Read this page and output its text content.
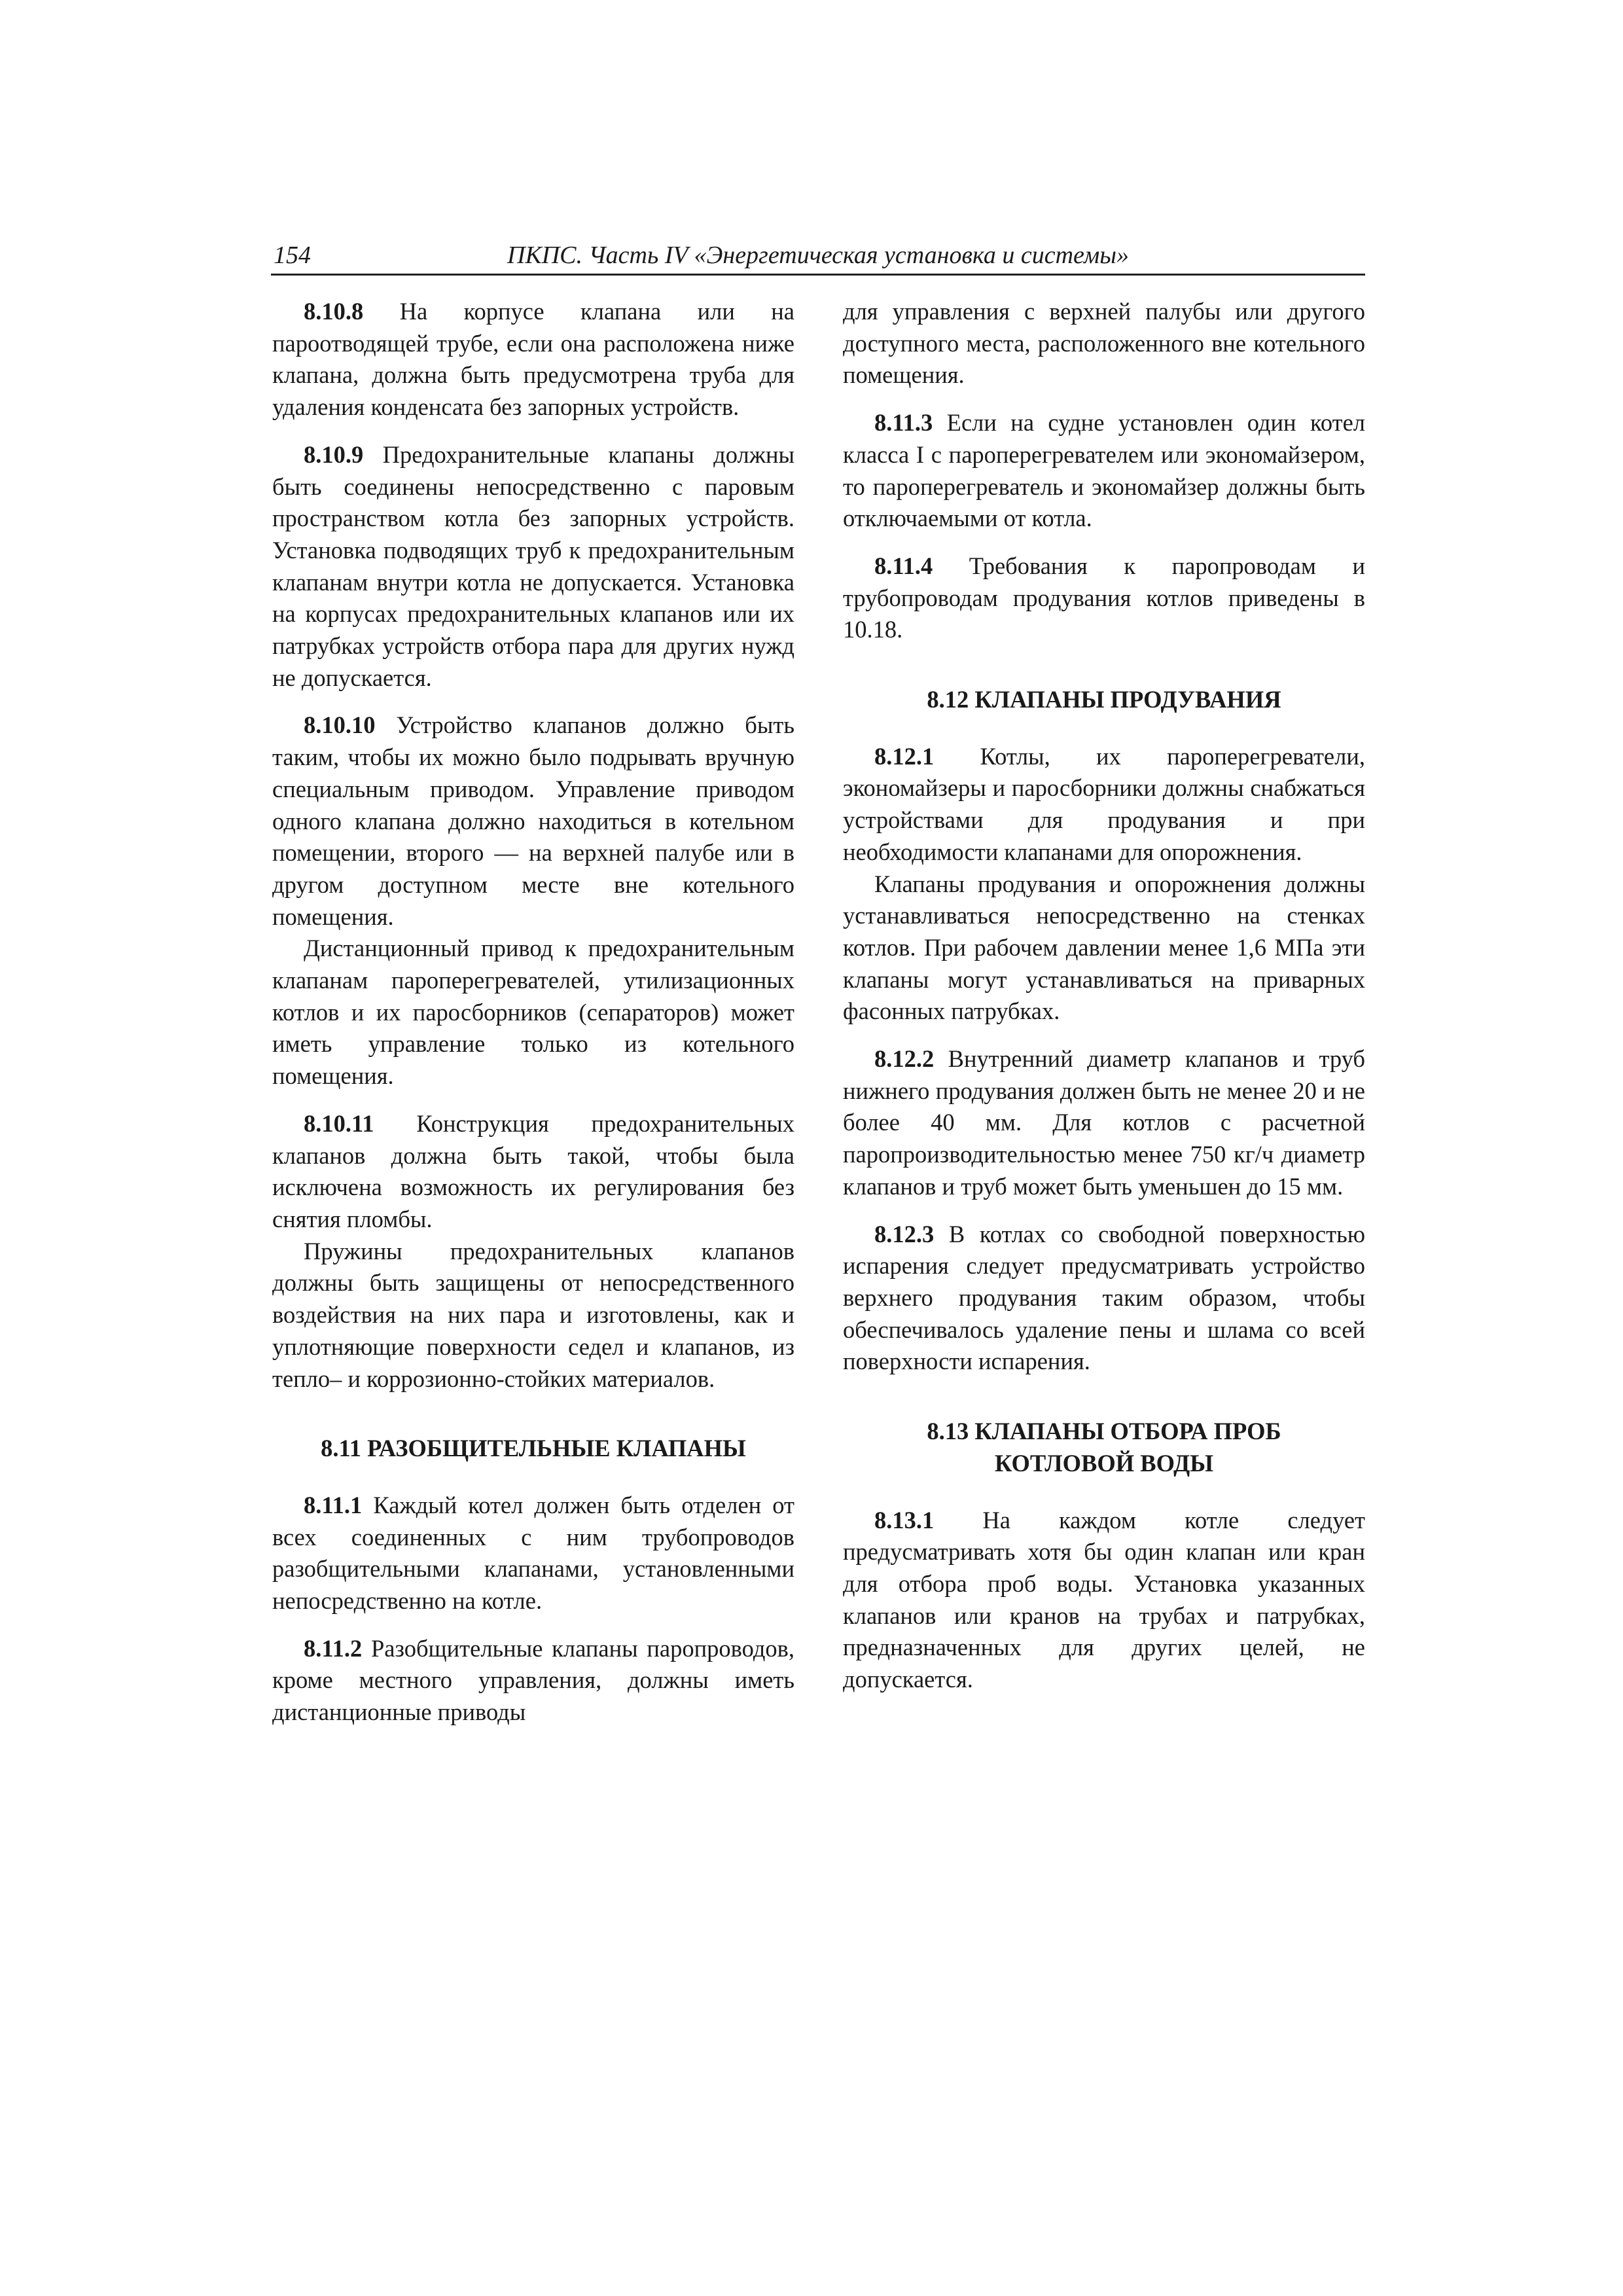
154	ПКПС. Часть IV «Энергетическая установка и системы»

8.10.8 На корпусе клапана или на пароотводящей трубе, если она расположена ниже клапана, должна быть предусмотрена труба для удаления конденсата без запорных устройств.

8.10.9 Предохранительные клапаны должны быть соединены непосредственно с паровым пространством котла без запорных устройств. Установка подводящих труб к предохранительным клапанам внутри котла не допускается. Установка на корпусах предохранительных клапанов или их патрубках устройств отбора пара для других нужд не допускается.

8.10.10 Устройство клапанов должно быть таким, чтобы их можно было подрывать вручную специальным приводом. Управление приводом одного клапана должно находиться в котельном помещении, второго — на верхней палубе или в другом доступном месте вне котельного помещения.

Дистанционный привод к предохранительным клапанам пароперегревателей, утилизационных котлов и их паросборников (сепараторов) может иметь управление только из котельного помещения.

8.10.11 Конструкция предохранительных клапанов должна быть такой, чтобы была исключена возможность их регулирования без снятия пломбы.

Пружины предохранительных клапанов должны быть защищены от непосредственного воздействия на них пара и изготовлены, как и уплотняющие поверхности седел и клапанов, из тепло– и коррозионно-стойких материалов.

8.11 РАЗОБЩИТЕЛЬНЫЕ КЛАПАНЫ

8.11.1 Каждый котел должен быть отделен от всех соединенных с ним трубопроводов разобщительными клапанами, установленными непосредственно на котле.

8.11.2 Разобщительные клапаны паропроводов, кроме местного управления, должны иметь дистанционные приводы

для управления с верхней палубы или другого доступного места, расположенного вне котельного помещения.

8.11.3 Если на судне установлен один котел класса I с пароперегревателем или экономайзером, то пароперегреватель и экономайзер должны быть отключаемыми от котла.

8.11.4 Требования к паропроводам и трубопроводам продувания котлов приведены в 10.18.

8.12 КЛАПАНЫ ПРОДУВАНИЯ

8.12.1 Котлы, их пароперегреватели, экономайзеры и паросборники должны снабжаться устройствами для продувания и при необходимости клапанами для опорожнения.

Клапаны продувания и опорожнения должны устанавливаться непосредственно на стенках котлов. При рабочем давлении менее 1,6 МПа эти клапаны могут устанавливаться на приварных фасонных патрубках.

8.12.2 Внутренний диаметр клапанов и труб нижнего продувания должен быть не менее 20 и не более 40 мм. Для котлов с расчетной паропроизводительностью менее 750 кг/ч диаметр клапанов и труб может быть уменьшен до 15 мм.

8.12.3 В котлах со свободной поверхностью испарения следует предусматривать устройство верхнего продувания таким образом, чтобы обеспечивалось удаление пены и шлама со всей поверхности испарения.

8.13 КЛАПАНЫ ОТБОРА ПРОБ
КОТЛОВОЙ ВОДЫ

8.13.1 На каждом котле следует предусматривать хотя бы один клапан или кран для отбора проб воды. Установка указанных клапанов или кранов на трубах и патрубках, предназначенных для других целей, не допускается.
